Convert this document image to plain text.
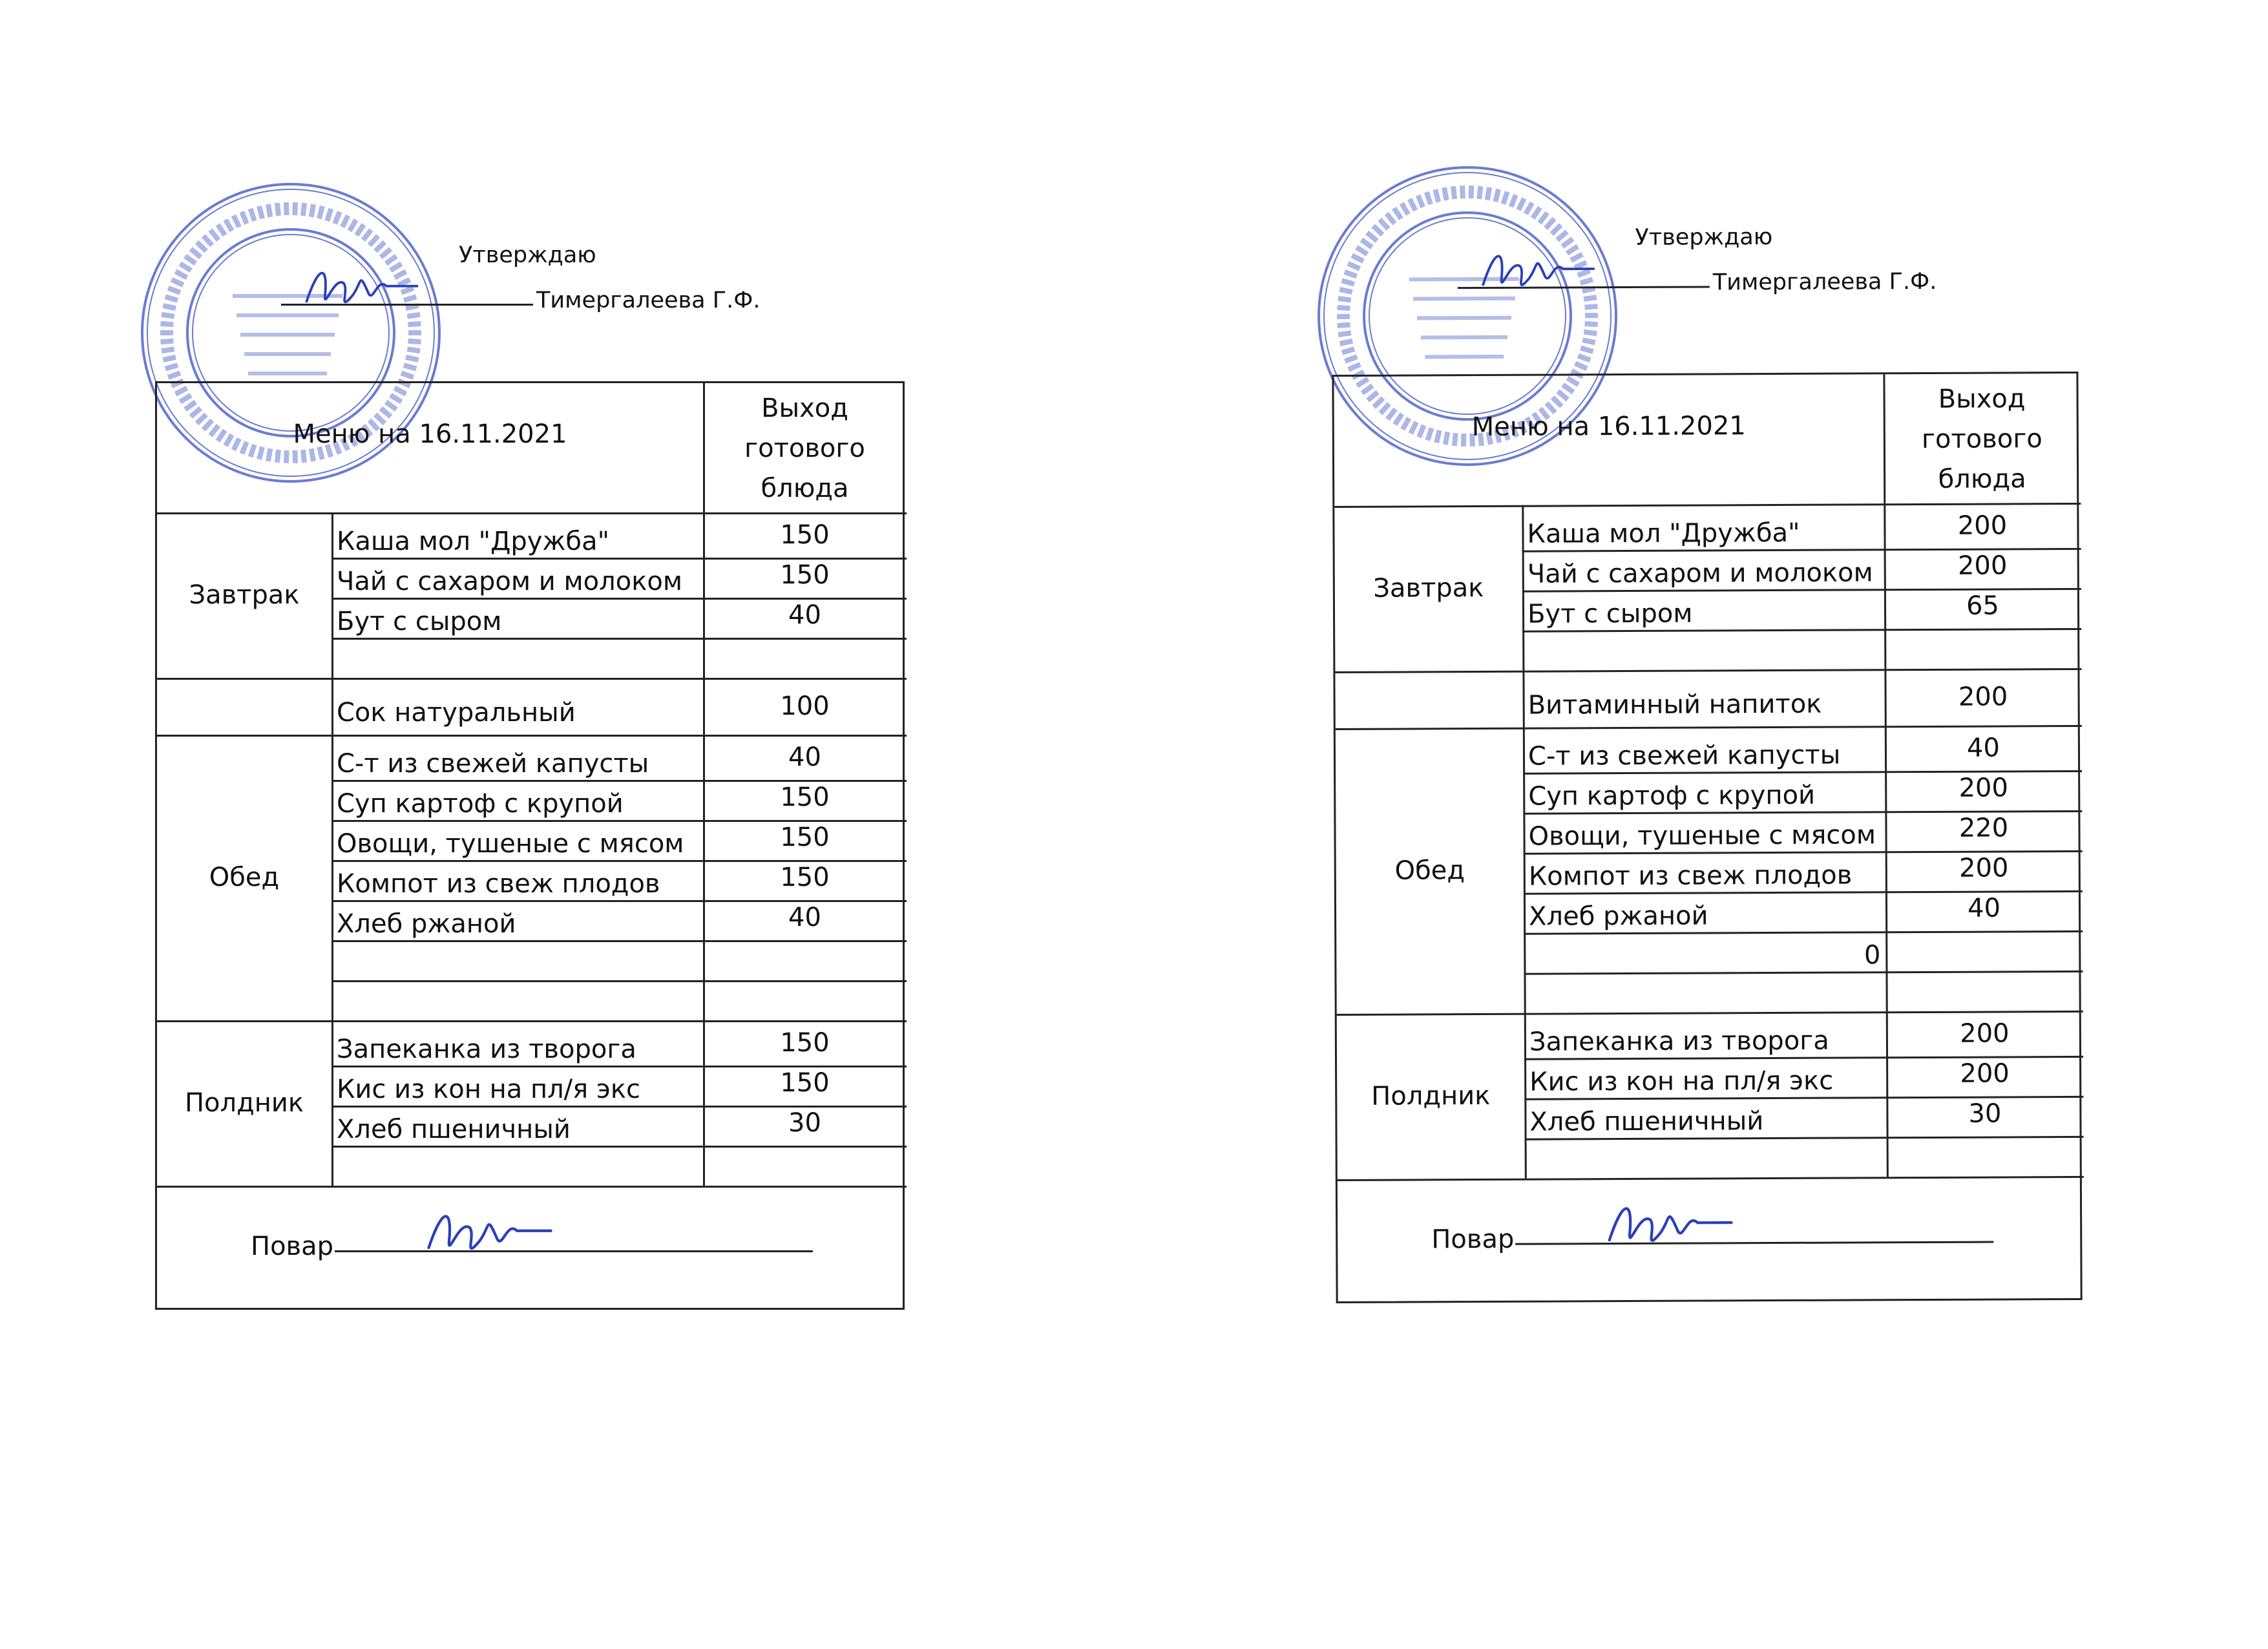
Утверждаю
Тимергалеева Г.Ф.
Меню на 16.11.2021
Выход
готового
блюда
Каша мол "Дружба"	150
Чай с сахаром и молоком	150
Бут с сыром	40
Завтрак
Сок натуральный	100
С-т из свежей капусты	40
Суп картоф с крупой	150
Овощи, тушеные с мясом	150
Компот из свеж плодов	150
Хлеб ржаной	40
Обед
Запеканка из творога	150
Кис из кон на пл/я экс	150
Хлеб пшеничный	30
Полдник
Повар
Утверждаю
Тимергалеева Г.Ф.
Меню на 16.11.2021
Выход
готового
блюда
Каша мол "Дружба"	200
Чай с сахаром и молоком	200
Бут с сыром	65
Завтрак
Витаминный напиток	200
С-т из свежей капусты	40
Суп картоф с крупой	200
Овощи, тушеные с мясом	220
Компот из свеж плодов	200
Хлеб ржаной	40
0
Обед
Запеканка из творога	200
Кис из кон на пл/я экс	200
Хлеб пшеничный	30
Полдник
Повар
